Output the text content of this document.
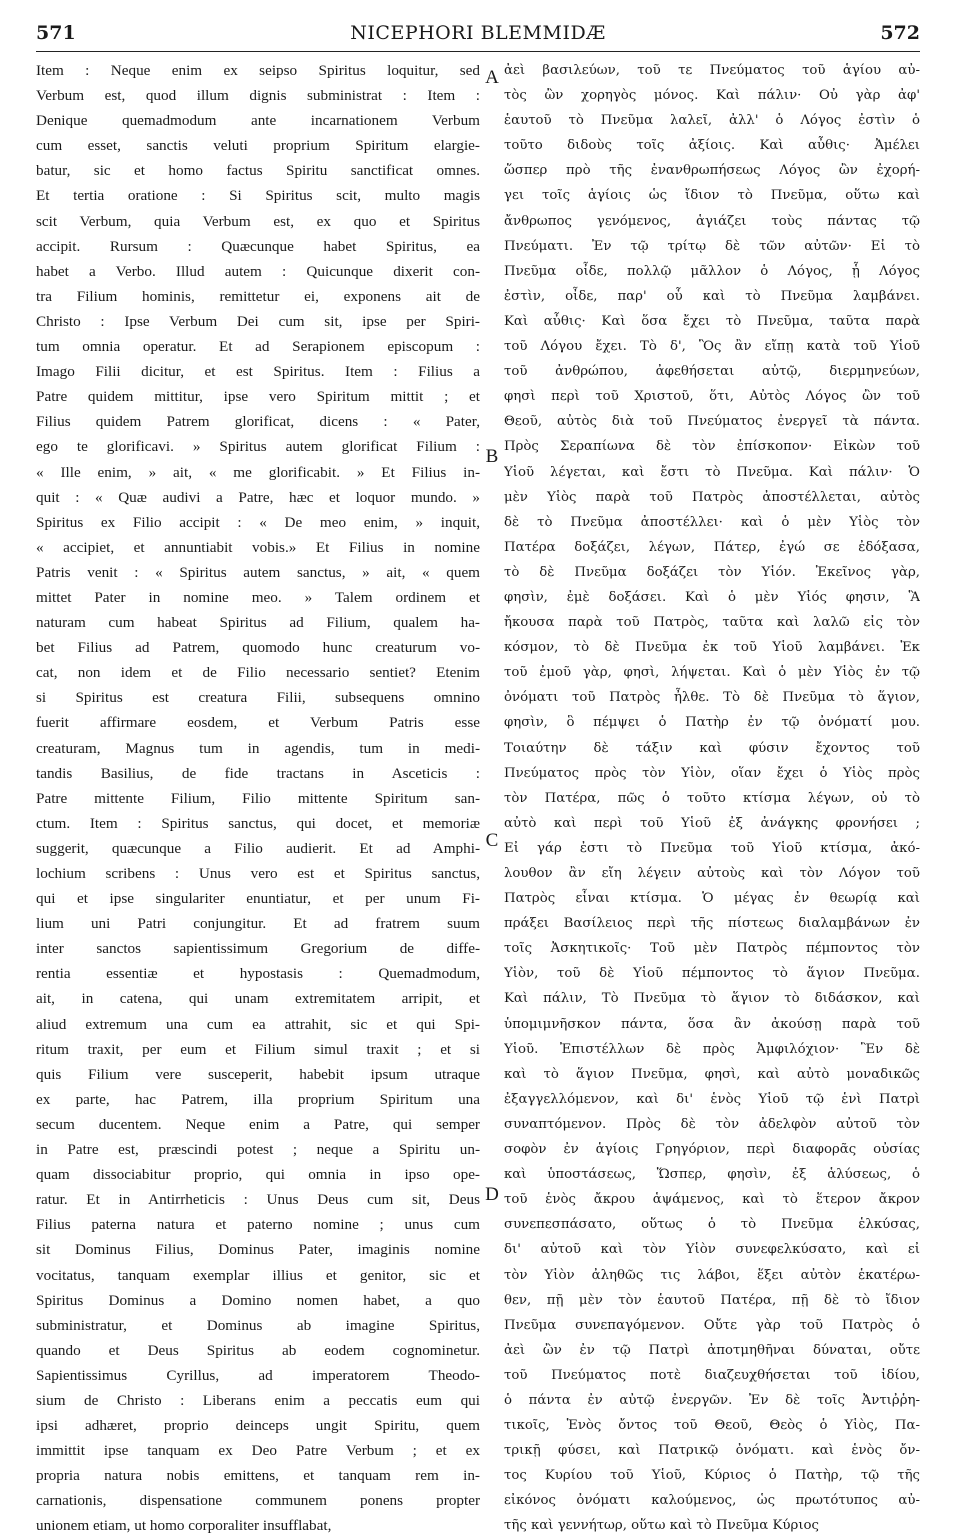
571	NICEPHORI BLEMMIDÆ	572
Item : Neque enim ex seipso Spiritus loquitur, sed
Verbum est, quod illum dignis subministrat : Item :
Denique quemadmodum ante incarnationem Verbum
cum esset, sanctis veluti proprium Spiritum elargie-
batur, sic et homo factus Spiritu sanctificat omnes.
Et tertia oratione : Si Spiritus scit, multo magis
scit Verbum, quia Verbum est, ex quo et Spiritus
accipit. Rursum : Quæcunque habet Spiritus, ea
habet a Verbo. Illud autem : Quicunque dixerit con-
tra Filium hominis, remittetur ei, exponens ait de
Christo : Ipse Verbum Dei cum sit, ipse per Spiri-
tum omnia operatur. Et ad Serapionem episcopum :
Imago Filii dicitur, et est Spiritus. Item : Filius a
Patre quidem mittitur, ipse vero Spiritum mittit ; et
Filius quidem Patrem glorificat, dicens : « Pater,
ego te glorificavi. » Spiritus autem glorificat Filium :
« Ille enim, » ait, « me glorificabit. » Et Filius in-
quit : « Quæ audivi a Patre, hæc et loquor mundo. »
Spiritus ex Filio accipit : « De meo enim, » inquit,
« accipiet, et annuntiabit vobis.» Et Filius in nomine
Patris venit : « Spiritus autem sanctus, » ait, « quem
mittet Pater in nomine meo. » Talem ordinem et
naturam cum habeat Spiritus ad Filium, qualem ha-
bet Filius ad Patrem, quomodo hunc creaturum vo-
cat, non idem et de Filio necessario sentiet? Etenim
si Spiritus est creatura Filii, subsequens omnino
fuerit affirmare eosdem, et Verbum Patris esse
creaturam, Magnus tum in agendis, tum in medi-
tandis Basilius, de fide tractans in Asceticis :
Patre mittente Filium, Filio mittente Spiritum san-
ctum. Item : Spiritus sanctus, qui docet, et memoriæ
suggerit, quæcunque a Filio audierit. Et ad Amphi-
lochium scribens : Unus vero est et Spiritus sanctus,
qui et ipse singulariter enuntiatur, et per unum Fi-
lium uni Patri conjungitur. Et ad fratrem suum
inter sanctos sapientissimum Gregorium de diffe-
rentia essentiæ et hypostasis : Quemadmodum,
ait, in catena, qui unam extremitatem arripit, et
aliud extremum una cum ea attrahit, sic et qui Spi-
ritum traxit, per eum et Filium simul traxit ; et si
quis Filium vere susceperit, habebit ipsum utraque
ex parte, hac Patrem, illa proprium Spiritum una
secum ducentem. Neque enim a Patre, qui semper
in Patre est, præscindi potest ; neque a Spiritu un-
quam dissociabitur proprio, qui omnia in ipso ope-
ratur. Et in Antirrheticis : Unus Deus cum sit, Deus
Filius paterna natura et paterno nomine ; unus cum
sit Dominus Filius, Dominus Pater, imaginis nomine
vocitatus, tanquam exemplar illius et genitor, sic et
Spiritus Dominus a Domino nomen habet, a quo
subministratur, et Dominus ab imagine Spiritus,
quando et Deus Spiritus ab eodem cognominetur.
Sapientissimus Cyrillus, ad imperatorem Theodo-
sium de Christo : Liberans enim a peccatis eum qui
ipsi adhæret, proprio deinceps ungit Spiritu, quem
immittit ipse tanquam ex Deo Patre Verbum ; et ex
propria natura nobis emittens, et tanquam rem in-
carnationis, dispensatione communem ponens propter
unionem etiam, ut homo corporaliter insufflabat,
A
B
C
D
ἀεὶ βασιλεύων, τοῦ τε Πνεύματος τοῦ ἁγίου αὐ-
τὸς ὢν χορηγὸς μόνος. Καὶ πάλιν· Οὐ γὰρ ἀφ'
ἑαυτοῦ τὸ Πνεῦμα λαλεῖ, ἀλλ' ὁ Λόγος ἐστὶν ὁ
τοῦτο διδοὺς τοῖς ἀξίοις. Καὶ αὖθις· Ἀμέλει
ὥσπερ πρὸ τῆς ἐνανθρωπήσεως Λόγος ὢν ἐχορή-
γει τοῖς ἁγίοις ὡς ἴδιον τὸ Πνεῦμα, οὕτω καὶ
ἄνθρωπος γενόμενος, ἁγιάζει τοὺς πάντας τῷ
Πνεύματι. Ἐν τῷ τρίτῳ δὲ τῶν αὐτῶν· Εἰ τὸ
Πνεῦμα οἶδε, πολλῷ μᾶλλον ὁ Λόγος, ᾗ Λόγος
ἐστὶν, οἶδε, παρ' οὗ καὶ τὸ Πνεῦμα λαμβάνει.
Καὶ αὖθις· Καὶ ὅσα ἔχει τὸ Πνεῦμα, ταῦτα παρὰ
τοῦ Λόγου ἔχει. Τὸ δ', Ὃς ἂν εἴπῃ κατὰ τοῦ Υἱοῦ
τοῦ ἀνθρώπου, ἀφεθήσεται αὐτῷ, διερμηνεύων,
φησὶ περὶ τοῦ Χριστοῦ, ὅτι, Αὐτὸς Λόγος ὢν τοῦ
Θεοῦ, αὐτὸς διὰ τοῦ Πνεύματος ἐνεργεῖ τὰ πάντα.
Πρὸς Σεραπίωνα δὲ τὸν ἐπίσκοπον· Εἰκὼν τοῦ
Υἱοῦ λέγεται, καὶ ἔστι τὸ Πνεῦμα. Καὶ πάλιν· Ὁ
μὲν Υἱὸς παρὰ τοῦ Πατρὸς ἀποστέλλεται, αὐτὸς
δὲ τὸ Πνεῦμα ἀποστέλλει· καὶ ὁ μὲν Υἱὸς τὸν
Πατέρα δοξάζει, λέγων, Πάτερ, ἐγώ σε ἐδόξασα,
τὸ δὲ Πνεῦμα δοξάζει τὸν Υἱόν. Ἐκεῖνος γὰρ,
φησὶν, ἐμὲ δοξάσει. Καὶ ὁ μὲν Υἱός φησιν, Ἃ
ἤκουσα παρὰ τοῦ Πατρὸς, ταῦτα καὶ λαλῶ εἰς τὸν
κόσμον, τὸ δὲ Πνεῦμα ἐκ τοῦ Υἱοῦ λαμβάνει. Ἐκ
τοῦ ἐμοῦ γὰρ, φησὶ, λήψεται. Καὶ ὁ μὲν Υἱὸς ἐν τῷ
ὀνόματι τοῦ Πατρὸς ἦλθε. Τὸ δὲ Πνεῦμα τὸ ἅγιον,
φησὶν, ὃ πέμψει ὁ Πατὴρ ἐν τῷ ὀνόματί μου.
Τοιαύτην δὲ τάξιν καὶ φύσιν ἔχοντος τοῦ
Πνεύματος πρὸς τὸν Υἱὸν, οἵαν ἔχει ὁ Υἱὸς πρὸς
τὸν Πατέρα, πῶς ὁ τοῦτο κτίσμα λέγων, οὐ τὸ
αὐτὸ καὶ περὶ τοῦ Υἱοῦ ἐξ ἀνάγκης φρονήσει ;
Εἰ γάρ ἐστι τὸ Πνεῦμα τοῦ Υἱοῦ κτίσμα, ἀκό-
λουθον ἂν εἴη λέγειν αὐτοὺς καὶ τὸν Λόγον τοῦ
Πατρὸς εἶναι κτίσμα. Ὁ μέγας ἐν θεωρίᾳ καὶ
πράξει Βασίλειος περὶ τῆς πίστεως διαλαμβάνων ἐν
τοῖς Ἀσκητικοῖς· Τοῦ μὲν Πατρὸς πέμποντος τὸν
Υἱὸν, τοῦ δὲ Υἱοῦ πέμποντος τὸ ἅγιον Πνεῦμα.
Καὶ πάλιν, Τὸ Πνεῦμα τὸ ἅγιον τὸ διδάσκον, καὶ
ὑπομιμνῆσκον πάντα, ὅσα ἂν ἀκούσῃ παρὰ τοῦ
Υἱοῦ. Ἐπιστέλλων δὲ πρὸς Ἀμφιλόχιον· Ἓν δὲ
καὶ τὸ ἅγιον Πνεῦμα, φησὶ, καὶ αὐτὸ μοναδικῶς
ἐξαγγελλόμενον, καὶ δι' ἑνὸς Υἱοῦ τῷ ἑνὶ Πατρὶ
συναπτόμενον. Πρὸς δὲ τὸν ἀδελφὸν αὐτοῦ τὸν
σοφὸν ἐν ἁγίοις Γρηγόριον, περὶ διαφορᾶς οὐσίας
καὶ ὑποστάσεως, Ὥσπερ, φησὶν, ἐξ ἁλύσεως, ὁ
τοῦ ἑνὸς ἄκρου ἁψάμενος, καὶ τὸ ἕτερον ἄκρον
συνεπεσπάσατο, οὕτως ὁ τὸ Πνεῦμα ἑλκύσας,
δι' αὐτοῦ καὶ τὸν Υἱὸν συνεφελκύσατο, καὶ εἰ
τὸν Υἱὸν ἀληθῶς τις λάβοι, ἕξει αὐτὸν ἑκατέρω-
θεν, πῇ μὲν τὸν ἑαυτοῦ Πατέρα, πῇ δὲ τὸ ἴδιον
Πνεῦμα συνεπαγόμενον. Οὔτε γὰρ τοῦ Πατρὸς ὁ
ἀεὶ ὢν ἐν τῷ Πατρὶ ἀποτμηθῆναι δύναται, οὔτε
τοῦ Πνεύματος ποτὲ διαζευχθήσεται τοῦ ἰδίου,
ὁ πάντα ἐν αὐτῷ ἐνεργῶν. Ἐν δὲ τοῖς Ἀντιῤῥη-
τικοῖς, Ἑνὸς ὄντος τοῦ Θεοῦ, Θεὸς ὁ Υἱὸς, Πα-
τρικῇ φύσει, καὶ Πατρικῷ ὀνόματι. καὶ ἑνὸς ὄν-
τος Κυρίου τοῦ Υἱοῦ, Κύριος ὁ Πατὴρ, τῷ τῆς
εἰκόνος ὀνόματι καλούμενος, ὡς πρωτότυπος αὐ-
τῆς καὶ γεννήτωρ, οὕτω καὶ τὸ Πνεῦμα Κύριος
